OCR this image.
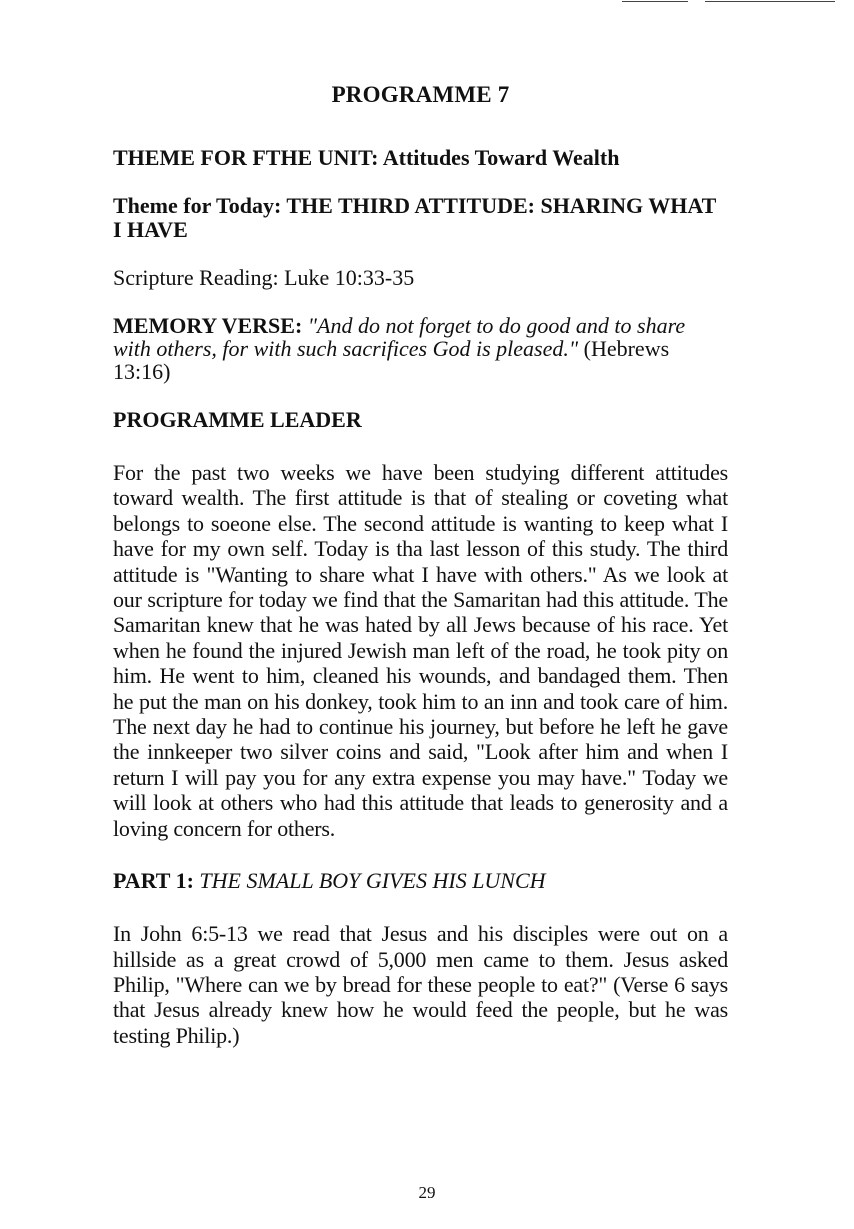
PROGRAMME 7
THEME FOR FTHE UNIT: Attitudes Toward Wealth
Theme for Today: THE THIRD ATTITUDE: SHARING WHAT I HAVE
Scripture Reading: Luke 10:33-35
MEMORY VERSE: "And do not forget to do good and to share with others, for with such sacrifices God is pleased." (Hebrews 13:16)
PROGRAMME LEADER

For the past two weeks we have been studying different attitudes toward wealth. The first attitude is that of stealing or coveting what belongs to soeone else. The second attitude is wanting to keep what I have for my own self. Today is tha last lesson of this study. The third attitude is "Wanting to share what I have with others." As we look at our scripture for today we find that the Samaritan had this attitude. The Samaritan knew that he was hated by all Jews because of his race. Yet when he found the injured Jewish man left of the road, he took pity on him. He went to him, cleaned his wounds, and bandaged them. Then he put the man on his donkey, took him to an inn and took care of him. The next day he had to continue his journey, but before he left he gave the innkeeper two silver coins and said, "Look after him and when I return I will pay you for any extra expense you may have." Today we will look at others who had this attitude that leads to generosity and a loving concern for others.

PART 1: THE SMALL BOY GIVES HIS LUNCH

In John 6:5-13 we read that Jesus and his disciples were out on a hillside as a great crowd of 5,000 men came to them. Jesus asked Philip, "Where can we by bread for these people to eat?" (Verse 6 says that Jesus already knew how he would feed the people, but he was testing Philip.)

29
